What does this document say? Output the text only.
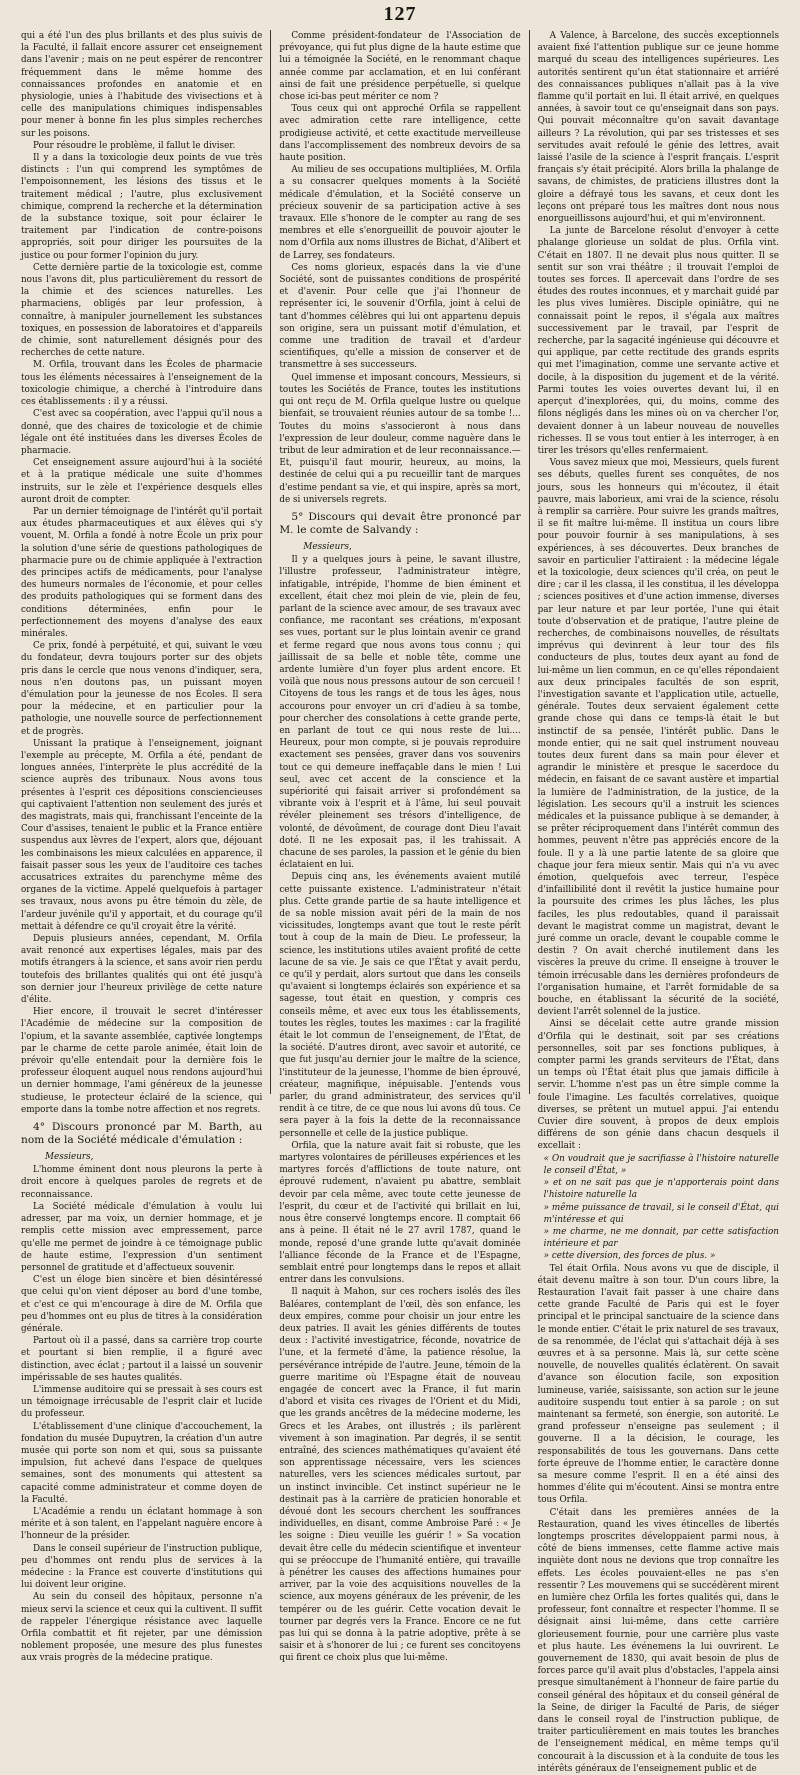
127

qui a été l'un des plus brillants et des plus suivis de la Faculté, il fallait encore assurer cet enseignement dans l'avenir ; mais on ne peut espérer de rencontrer fréquemment dans le même homme des connaissances profondes en anatomie et en physiologie, unies à l'habitude des vivisections et à celle des manipulations chimiques indispensables pour mener à bonne fin les plus simples recherches sur les poisons.

Pour résoudre le problème, il fallut le diviser.

Il y a dans la toxicologie deux points de vue très distincts : l'un qui comprend les symptômes de l'empoisonnement, les lésions des tissus et le traitement médical ; l'autre, plus exclusivement chimique, comprend la recherche et la détermination de la substance toxique, soit pour éclairer le traitement par l'indication de contre-poisons appropriés, soit pour diriger les poursuites de la justice ou pour former l'opinion du jury.

Cette dernière partie de la toxicologie est, comme nous l'avons dit, plus particulièrement du ressort de la chimie et des sciences naturelles. Les pharmaciens, obligés par leur profession, à connaître, à manipuler journellement les substances toxiques, en possession de laboratoires et d'appareils de chimie, sont naturellement désignés pour des recherches de cette nature.

M. Orfila, trouvant dans les Écoles de pharmacie tous les éléments nécessaires à l'enseignement de la toxicologie chimique, a cherché à l'introduire dans ces établissements : il y a réussi.

C'est avec sa coopération, avec l'appui qu'il nous a donné, que des chaires de toxicologie et de chimie légale ont été instituées dans les diverses Écoles de pharmacie.

Cet enseignement assure aujourd'hui à la société et à la pratique médicale une suite d'hommes instruits, sur le zèle et l'expérience desquels elles auront droit de compter.

Par un dernier témoignage de l'intérêt qu'il portait aux études pharmaceutiques et aux élèves qui s'y vouent, M. Orfila a fondé à notre École un prix pour la solution d'une série de questions pathologiques de pharmacie pure ou de chimie appliquée à l'extraction des principes actifs de médicaments, pour l'analyse des humeurs normales de l'économie, et pour celles des produits pathologiques qui se forment dans des conditions déterminées, enfin pour le perfectionnement des moyens d'analyse des eaux minérales.

Ce prix, fondé à perpétuité, et qui, suivant le vœu du fondateur, devra toujours porter sur des objets pris dans le cercle que nous venons d'indiquer, sera, nous n'en doutons pas, un puissant moyen d'émulation pour la jeunesse de nos Écoles. Il sera pour la médecine, et en particulier pour la pathologie, une nouvelle source de perfectionnement et de progrès.

Unissant la pratique à l'enseignement, joignant l'exemple au précepte, M. Orfila a été, pendant de longues années, l'interprète le plus accrédité de la science auprès des tribunaux. Nous avons tous présentes à l'esprit ces dépositions consciencieuses qui captivaient l'attention non seulement des jurés et des magistrats, mais qui, franchissant l'enceinte de la Cour d'assises, tenaient le public et la France entière suspendus aux lèvres de l'expert, alors que, déjouant les combinaisons les mieux calculées en apparence, il faisait passer sous les yeux de l'auditoire ces taches accusatrices extraites du parenchyme même des organes de la victime. Appelé quelquefois à partager ses travaux, nous avons pu être témoin du zèle, de l'ardeur juvénile qu'il y apportait, et du courage qu'il mettait à défendre ce qu'il croyait être la vérité.

Depuis plusieurs années, cependant, M. Orfila avait renoncé aux expertises légales, mais par des motifs étrangers à la science, et sans avoir rien perdu toutefois des brillantes qualités qui ont été jusqu'à son dernier jour l'heureux privilège de cette nature d'élite.

Hier encore, il trouvait le secret d'intéresser l'Académie de médecine sur la composition de l'opium, et la savante assemblée, captivée longtemps par le charme de cette parole animée, était loin de prévoir qu'elle entendait pour la dernière fois le professeur éloquent auquel nous rendons aujourd'hui un dernier hommage, l'ami généreux de la jeunesse studieuse, le protecteur éclairé de la science, qui emporte dans la tombe notre affection et nos regrets.

4° Discours prononcé par M. Barth, au nom de la Société médicale d'émulation :

Messieurs,

L'homme éminent dont nous pleurons la perte à droit encore à quelques paroles de regrets et de reconnaissance.

La Société médicale d'émulation à voulu lui adresser, par ma voix, un dernier hommage, et je remplis cette mission avec empressement, parce qu'elle me permet de joindre à ce témoignage public de haute estime, l'expression d'un sentiment personnel de gratitude et d'affectueux souvenir.

C'est un éloge bien sincère et bien désintéressé que celui qu'on vient déposer au bord d'une tombe, et c'est ce qui m'encourage à dire de M. Orfila que peu d'hommes ont eu plus de titres à la considération générale.

Partout où il a passé, dans sa carrière trop courte et pourtant si bien remplie, il a figuré avec distinction, avec éclat ; partout il a laissé un souvenir impérissable de ses hautes qualités.

L'immense auditoire qui se pressait à ses cours est un témoignage irrécusable de l'esprit clair et lucide du professeur.

L'établissement d'une clinique d'accouchement, la fondation du musée Dupuytren, la création d'un autre musée qui porte son nom et qui, sous sa puissante impulsion, fut achevé dans l'espace de quelques semaines, sont des monuments qui attestent sa capacité comme administrateur et comme doyen de la Faculté.

L'Académie a rendu un éclatant hommage à son mérite et à son talent, en l'appelant naguère encore à l'honneur de la présider.

Dans le conseil supérieur de l'instruction publique, peu d'hommes ont rendu plus de services à la médecine : la France est couverte d'institutions qui lui doivent leur origine.

Au sein du conseil des hôpitaux, personne n'a mieux servi la science et ceux qui la cultivent. Il suffit de rappeler l'énergique résistance avec laquelle Orfila combattit et fit rejeter, par une démission noblement proposée, une mesure des plus funestes aux vrais progrès de la médecine pratique.

Comme président-fondateur de l'Association de prévoyance, qui fut plus digne de la haute estime que lui a témoignée la Société, en le renommant chaque année comme par acclamation, et en lui conférant ainsi de fait une présidence perpétuelle, si quelque chose ici-bas peut mériter ce nom ?

Tous ceux qui ont approché Orfila se rappellent avec admiration cette rare intelligence, cette prodigieuse activité, et cette exactitude merveilleuse dans l'accomplissement des nombreux devoirs de sa haute position.

Au milieu de ses occupations multipliées, M. Orfila a su consacrer quelques moments à la Société médicale d'émulation, et la Société conserve un précieux souvenir de sa participation active à ses travaux. Elle s'honore de le compter au rang de ses membres et elle s'enorgueillit de pouvoir ajouter le nom d'Orfila aux noms illustres de Bichat, d'Alibert et de Larrey, ses fondateurs.

Ces noms glorieux, espacés dans la vie d'une Société, sont de puissantes conditions de prospérité et d'avenir. Pour celle que j'ai l'honneur de représenter ici, le souvenir d'Orfila, joint à celui de tant d'hommes célèbres qui lui ont appartenu depuis son origine, sera un puissant motif d'émulation, et comme une tradition de travail et d'ardeur scientifiques, qu'elle a mission de conserver et de transmettre à ses successeurs.

Quel immense et imposant concours, Messieurs, si toutes les Sociétés de France, toutes les institutions qui ont reçu de M. Orfila quelque lustre ou quelque bienfait, se trouvaient réunies autour de sa tombe !... Toutes du moins s'associeront à nous dans l'expression de leur douleur, comme naguère dans le tribut de leur admiration et de leur reconnaissance.— Et, puisqu'il faut mourir, heureux, au moins, la destinée de celui qui a pu recueillir tant de marques d'estime pendant sa vie, et qui inspire, après sa mort, de si universels regrets.

5° Discours qui devait être prononcé par M. le comte de Salvandy :

Messieurs,

Il y a quelques jours à peine, le savant illustre, l'illustre professeur, l'administrateur intègre, infatigable, intrépide, l'homme de bien éminent et excellent, était chez moi plein de vie, plein de feu, parlant de la science avec amour, de ses travaux avec confiance, me racontant ses créations, m'exposant ses vues, portant sur le plus lointain avenir ce grand et ferme regard que nous avons tous connu ; qui jaillissait de sa belle et noble tête, comme une ardente lumière d'un foyer plus ardent encore. Et voilà que nous nous pressons autour de son cercueil ! Citoyens de tous les rangs et de tous les âges, nous accourons pour envoyer un cri d'adieu à sa tombe, pour chercher des consolations à cette grande perte, en parlant de tout ce qui nous reste de lui.... Heureux, pour mon compte, si je pouvais reproduire exactement ses pensées, graver dans vos souvenirs tout ce qui demeure ineffaçable dans le mien ! Lui seul, avec cet accent de la conscience et la supériorité qui faisait arriver si profondément sa vibrante voix à l'esprit et à l'âme, lui seul pouvait révéler pleinement ses trésors d'intelligence, de volonté, de dévoûment, de courage dont Dieu l'avait doté. Il ne les exposait pas, il les trahissait. A chacune de ses paroles, la passion et le génie du bien éclataient en lui.

Depuis cinq ans, les événements avaient mutilé cette puissante existence. L'administrateur n'était plus. Cette grande partie de sa haute intelligence et de sa noble mission avait péri de la main de nos vicissitudes, longtemps avant que tout le reste pérît tout à coup de la main de Dieu. Le professeur, la science, les institutions utiles avaient profité de cette lacune de sa vie. Je sais ce que l'État y avait perdu, ce qu'il y perdait, alors surtout que dans les conseils qu'avaient si longtemps éclairés son expérience et sa sagesse, tout était en question, y compris ces conseils même, et avec eux tous les établissements, toutes les règles, toutes les maximes : car la fragilité était le lot commun de l'enseignement, de l'État, de la société. D'autres diront, avec savoir et autorité, ce que fut jusqu'au dernier jour le maître de la science, l'instituteur de la jeunesse, l'homme de bien éprouvé, créateur, magnifique, inépuisable. J'entends vous parler, du grand administrateur, des services qu'il rendit à ce titre, de ce que nous lui avons dû tous. Ce sera payer à la fois la dette de la reconnaissance personnelle et celle de la justice publique.

Orfila, que la nature avait fait si robuste, que les martyres volontaires de périlleuses expériences et les martyres forcés d'afflictions de toute nature, ont éprouvé rudement, n'avaient pu abattre, semblait devoir par cela même, avec toute cette jeunesse de l'esprit, du cœur et de l'activité qui brillait en lui, nous être conservé longtemps encore. Il comptait 66 ans à peine. Il était né le 27 avril 1787, quand le monde, reposé d'une grande lutte qu'avait dominée l'alliance féconde de la France et de l'Espagne, semblait entré pour longtemps dans le repos et allait entrer dans les convulsions.

Il naquit à Mahon, sur ces rochers isolés des îles Baléares, contemplant de l'œil, dès son enfance, les deux empires, comme pour choisir un jour entre les deux patries. Il avait les génies différents de toutes deux : l'activité investigatrice, féconde, novatrice de l'une, et la fermeté d'âme, la patience résolue, la persévérance intrépide de l'autre. Jeune, témoin de la guerre maritime où l'Espagne était de nouveau engagée de concert avec la France, il fut marin d'abord et visita ces rivages de l'Orient et du Midi, que les grands ancêtres de la médecine moderne, les Grecs et les Arabes, ont illustrés ; ils parlèrent vivement à son imagination. Par degrés, il se sentit entraîné, des sciences mathématiques qu'avaient été son apprentissage nécessaire, vers les sciences naturelles, vers les sciences médicales surtout, par un instinct invincible. Cet instinct supérieur ne le destinait pas à la carrière de praticien honorable et dévoué dont les secours cherchent les souffrances individuelles, en disant, comme Ambroise Paré : « Je les soigne : Dieu veuille les guérir ! » Sa vocation devait être celle du médecin scientifique et inventeur qui se préoccupe de l'humanité entière, qui travaille à pénétrer les causes des affections humaines pour arriver, par la voie des acquisitions nouvelles de la science, aux moyens généraux de les prévenir, de les tempérer ou de les guérir. Cette vocation devait le tourner par degrés vers la France. Encore ce ne fut pas lui qui se donna à la patrie adoptive, prête à se saisir et à s'honorer de lui ; ce furent ses concitoyens qui firent ce choix plus que lui-même.

A Valence, à Barcelone, des succès exceptionnels avaient fixé l'attention publique sur ce jeune homme marqué du sceau des intelligences supérieures. Les autorités sentirent qu'un état stationnaire et arriéré des connaissances publiques n'allait pas à la vive flamme qu'il portait en lui. Il était arrivé, en quelques années, à savoir tout ce qu'enseignait dans son pays. Qui pouvait méconnaître qu'on savait davantage ailleurs ? La révolution, qui par ses tristesses et ses servitudes avait refoulé le génie des lettres, avait laissé l'asile de la science à l'esprit français. L'esprit français s'y était précipité. Alors brilla la phalange de savans, de chimistes, de praticiens illustres dont la gloire a défrayé tous les savans, et ceux dont les leçons ont préparé tous les maîtres dont nous nous enorgueillissons aujourd'hui, et qui m'environnent.

La junte de Barcelone résolut d'envoyer à cette phalange glorieuse un soldat de plus. Orfila vint. C'était en 1807. Il ne devait plus nous quitter. Il se sentit sur son vrai théâtre ; il trouvait l'emploi de toutes ses forces. Il apercevait dans l'ordre de ses études des routes inconnues, et y marchait guidé par les plus vives lumières. Disciple opiniâtre, qui ne connaissait point le repos, il s'égala aux maîtres successivement par le travail, par l'esprit de recherche, par la sagacité ingénieuse qui découvre et qui applique, par cette rectitude des grands esprits qui met l'imagination, comme une servante active et docile, à la disposition du jugement et de la vérité. Parmi toutes les voies ouvertes devant lui, il en aperçut d'inexplorées, qui, du moins, comme des filons négligés dans les mines où on va chercher l'or, devaient donner à un labeur nouveau de nouvelles richesses. Il se vous tout entier à les interroger, à en tirer les trésors qu'elles renfermaient.

Vous savez mieux que moi, Messieurs, quels furent ses débuts, quelles furent ses conquêtes, de nos jours, sous les honneurs qui m'écoutez, il était pauvre, mais laborieux, ami vrai de la science, résolu à remplir sa carrière. Pour suivre les grands maîtres, il se fit maître lui-même. Il institua un cours libre pour pouvoir fournir à ses manipulations, à ses expériences, à ses découvertes. Deux branches de savoir en particulier l'attiraient : la médecine légale et la toxicologie, deux sciences qu'il créa, on peut le dire ; car il les classa, il les constitua, il les développa ; sciences positives et d'une action immense, diverses par leur nature et par leur portée, l'une qui était toute d'observation et de pratique, l'autre pleine de recherches, de combinaisons nouvelles, de résultats imprévus qui devinrent à leur tour des fils conducteurs de plus, toutes deux ayant au fond de lui-même un lien commun, en ce qu'elles répondaient aux deux principales facultés de son esprit, l'investigation savante et l'application utile, actuelle, générale. Toutes deux servaient également cette grande chose qui dans ce temps-là était le but instinctif de sa pensée, l'intérêt public. Dans le monde entier, qui ne sait quel instrument nouveau toutes deux furent dans sa main pour élever et agrandir le ministère et presque le sacerdoce du médecin, en faisant de ce savant austère et impartial la lumière de l'administration, de la justice, de la législation. Les secours qu'il a instruit les sciences médicales et la puissance publique à se demander, à se prêter réciproquement dans l'intérêt commun des hommes, peuvent n'être pas appréciés encore de la foule. Il y a là une partie latente de sa gloire que chaque jour fera mieux sentir. Mais qui n'a vu avec émotion, quelquefois avec terreur, l'espèce d'infaillibilité dont il revêtit la justice humaine pour la poursuite des crimes les plus lâches, les plus faciles, les plus redoutables, quand il paraissait devant le magistrat comme un magistrat, devant le juré comme un oracle, devant le coupable comme le destin ? On avait cherché inutilement dans les viscères la preuve du crime. Il enseigne à trouver le témoin irrécusable dans les dernières profondeurs de l'organisation humaine, et l'arrêt formidable de sa bouche, en établissant la sécurité de la société, devient l'arrêt solennel de la justice.

Ainsi se décelait cette autre grande mission d'Orfila qui le destinait, soit par ses créations personnelles, soit par ses fonctions publiques, à compter parmi les grands serviteurs de l'État, dans un temps où l'État était plus que jamais difficile à servir. L'homme n'est pas un être simple comme la foule l'imagine. Les facultés correlatives, quoique diverses, se prêtent un mutuel appui. J'ai entendu Cuvier dire souvent, à propos de deux emplois différens de son génie dans chacun desquels il excellait :

« On voudrait que je sacrifiasse à l'histoire naturelle le conseil d'État, »

» et on ne sait pas que je n'apporterais point dans l'histoire naturelle la

» même puissance de travail, si le conseil d'État, qui m'intéresse et qui

» me charme, ne me donnait, par cette satisfaction intérieure et par

» cette diversion, des forces de plus. »

Tel était Orfila. Nous avons vu que de disciple, il était devenu maître à son tour. D'un cours libre, la Restauration l'avait fait passer à une chaire dans cette grande Faculté de Paris qui est le foyer principal et le principal sanctuaire de la science dans le monde entier. C'était le prix naturel de ses travaux, de sa renommée, de l'éclat qui s'attachait déjà à ses œuvres et à sa personne. Mais là, sur cette scène nouvelle, de nouvelles qualités éclatèrent. On savait d'avance son élocution facile, son exposition lumineuse, variée, saisissante, son action sur le jeune auditoire suspendu tout entier à sa parole ; on sut maintenant sa fermeté, son énergie, son autorité. Le grand professeur n'enseigne pas seulement ; il gouverne. Il a la décision, le courage, les responsabilités de tous les gouvernans. Dans cette forte épreuve de l'homme entier, le caractère donne sa mesure comme l'esprit. Il en a été ainsi des hommes d'élite qui m'écoutent. Ainsi se montra entre tous Orfila.

C'était dans les premières années de la Restauration, quand les vives étincelles de libertés longtemps proscrites développaient parmi nous, à côté de biens immenses, cette flamme active mais inquiète dont nous ne devions que trop connaître les effets. Les écoles pouvaient-elles ne pas s'en ressentir ? Les mouvemens qui se succédèrent mirent en lumière chez Orfila les fortes qualités qui, dans le professeur, font connaître et respecter l'homme. Il se désignait ainsi lui-même, dans cette carrière glorieusement fournie, pour une carrière plus vaste et plus haute. Les événemens la lui ouvrirent. Le gouvernement de 1830, qui avait besoin de plus de forces parce qu'il avait plus d'obstacles, l'appela ainsi presque simultanément à l'honneur de faire partie du conseil général des hôpitaux et du conseil général de la Seine, de diriger la Faculté de Paris, de siéger dans le conseil royal de l'instruction publique, de traiter particulièrement en mais toutes les branches de l'enseignement médical, en même temps qu'il concourait à la discussion et à la conduite de tous les intérêts généraux de l'enseignement public et de
